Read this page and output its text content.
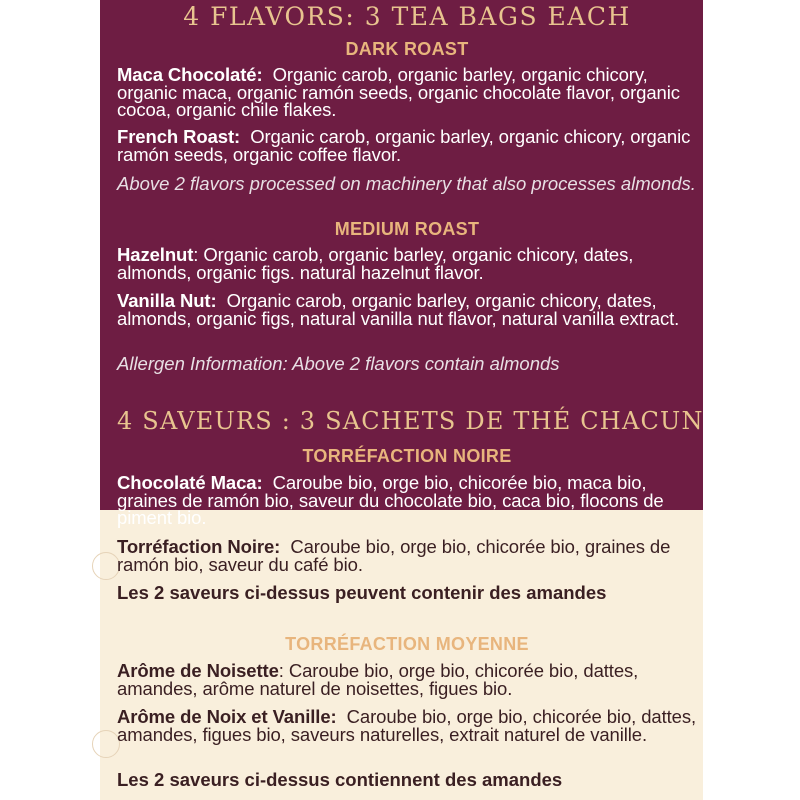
4 FLAVORS: 3 TEA BAGS EACH
DARK ROAST
Maca Chocolaté: Organic carob, organic barley, organic chicory, organic maca, organic ramón seeds, organic chocolate flavor, organic cocoa, organic chile flakes.
French Roast: Organic carob, organic barley, organic chicory, organic ramón seeds, organic coffee flavor.
Above 2 flavors processed on machinery that also processes almonds.
MEDIUM ROAST
Hazelnut: Organic carob, organic barley, organic chicory, dates, almonds, organic figs. natural hazelnut flavor.
Vanilla Nut: Organic carob, organic barley, organic chicory, dates, almonds, organic figs, natural vanilla nut flavor, natural vanilla extract.
Allergen Information: Above 2 flavors contain almonds
4 SAVEURS : 3 SACHETS DE THÉ CHACUN
TORRÉFACTION NOIRE
Chocolaté Maca: Caroube bio, orge bio, chicorée bio, maca bio, graines de ramón bio, saveur du chocolate bio, caca bio, flocons de piment bio.
Torréfaction Noire: Caroube bio, orge bio, chicorée bio, graines de ramón bio, saveur du café bio.
Les 2 saveurs ci-dessus peuvent contenir des amandes
TORRÉFACTION MOYENNE
Arôme de Noisette: Caroube bio, orge bio, chicorée bio, dattes, amandes, arôme naturel de noisettes, figues bio.
Arôme de Noix et Vanille: Caroube bio, orge bio, chicorée bio, dattes, amandes, figues bio, saveurs naturelles, extrait naturel de vanille.
Les 2 saveurs ci-dessus contiennent des amandes
